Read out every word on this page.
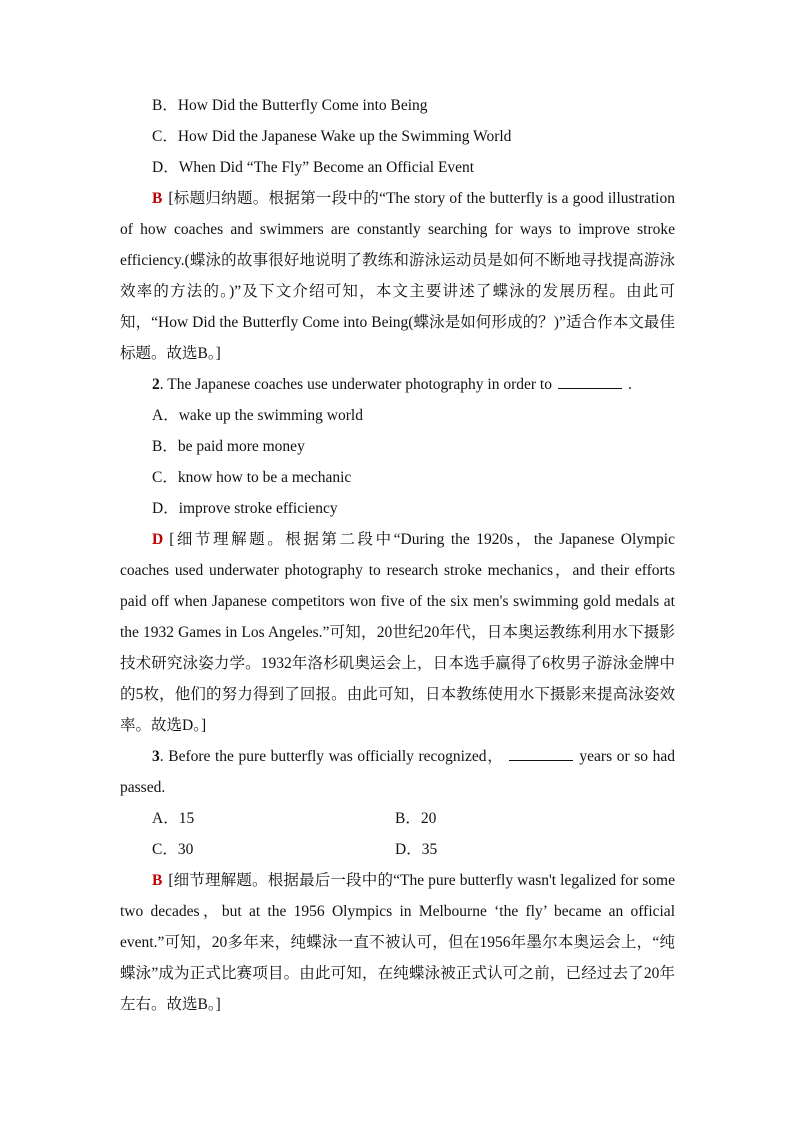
B．How Did the Butterfly Come into Being
C．How Did the Japanese Wake up the Swimming World
D．When Did “The Fly” Become an Official Event
B [标题归纳题。根据第一段中的“The story of the butterfly is a good illustration of how coaches and swimmers are constantly searching for ways to improve stroke efficiency.(蝶泳的故事很好地说明了教练和游泳运动员是如何不断地寻找提高游泳效率的方法的。)”及下文介绍可知，本文主要讲述了蝶泳的发展历程。由此可知，“How Did the Butterfly Come into Being(蝶泳是如何形成的？)”适合作本文最佳标题。故选B。]
2. The Japanese coaches use underwater photography in order to	.
A．wake up the swimming world
B．be paid more money
C．know how to be a mechanic
D．improve stroke efficiency
D [细节理解题。根据第二段中“During the 1920s，the Japanese Olympic coaches used underwater photography to research stroke mechanics，and their efforts paid off when Japanese competitors won five of the six men's swimming gold medals at the 1932 Games in Los Angeles.”可知，20世纪20年代，日本奥运教练利用水下摄影技术研究泳姿力学。1932年洛杉矶奥运会上，日本选手赢得了6枚男子游泳金牌中的5枚，他们的努力得到了回报。由此可知，日本教练使用水下摄影来提高泳姿效率。故选D。]
3. Before the pure butterfly was officially recognized，	years or so had passed.
A．15	B．20
C．30	D．35
B [细节理解题。根据最后一段中的“The pure butterfly wasn't legalized for some two decades，but at the 1956 Olympics in Melbourne ‘the fly’ became an official event.”可知，20多年来，纯蝶泳一直不被认可，但在1956年墨尔本奥运会上，“纯蝶泳”成为正式比赛项目。由此可知，在纯蝶泳被正式认可之前，已经过去了20年左右。故选B。]
